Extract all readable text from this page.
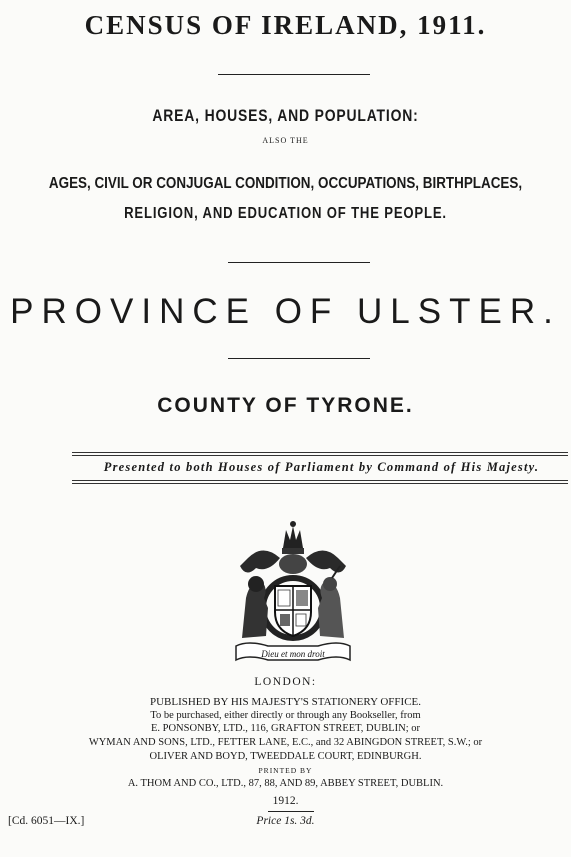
CENSUS OF IRELAND, 1911.
AREA, HOUSES, AND POPULATION:
ALSO THE
AGES, CIVIL OR CONJUGAL CONDITION, OCCUPATIONS, BIRTHPLACES,
RELIGION, AND EDUCATION OF THE PEOPLE.
PROVINCE OF ULSTER.
COUNTY OF TYRONE.
Presented to both Houses of Parliament by Command of His Majesty.
Dieu et mon droit
LONDON:
PUBLISHED BY HIS MAJESTY'S STATIONERY OFFICE.
To be purchased, either directly or through any Bookseller, from
E. PONSONBY, LTD., 116, GRAFTON STREET, DUBLIN; or
WYMAN AND SONS, LTD., FETTER LANE, E.C., and 32 ABINGDON STREET, S.W.; or
OLIVER AND BOYD, TWEEDDALE COURT, EDINBURGH.
PRINTED BY
A. THOM AND CO., LTD., 87, 88, AND 89, ABBEY STREET, DUBLIN.
1912.
Price 1s. 3d.
[Cd. 6051—IX.]
